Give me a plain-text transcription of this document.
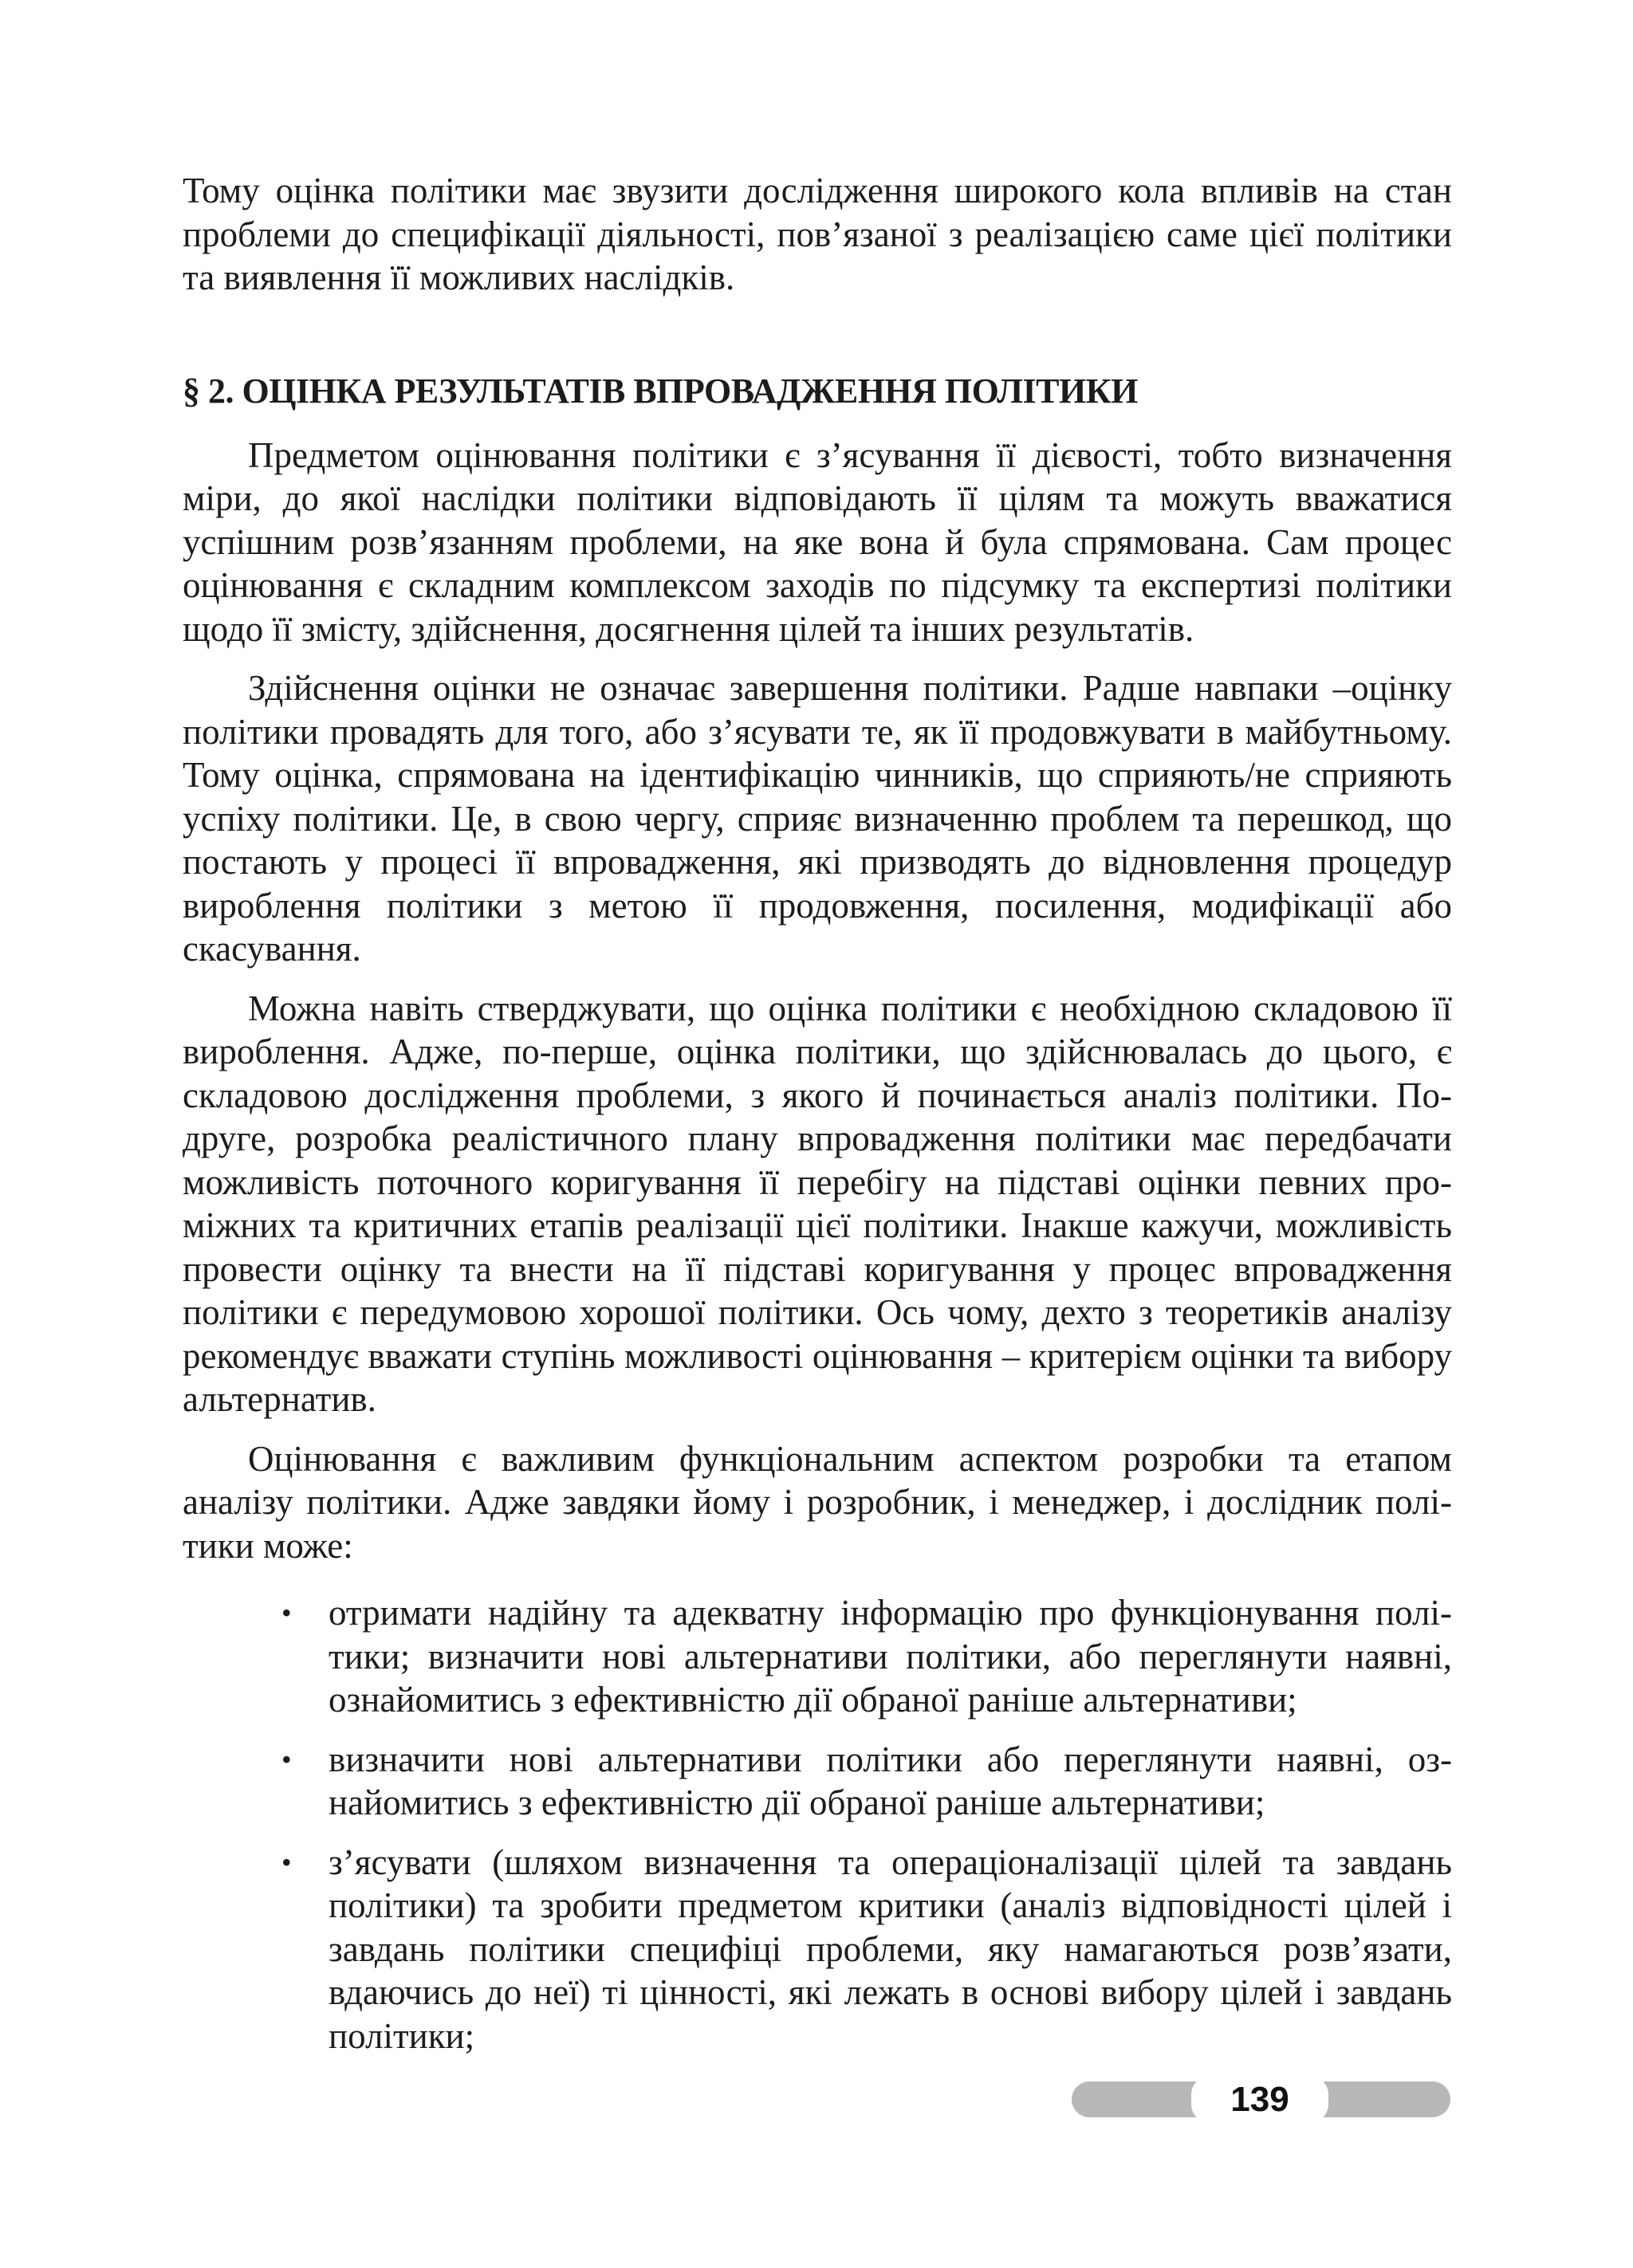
Тому оцінка політики має звузити дослідження широкого кола впливів на стан проблеми до специфікації діяльності, пов’язаної з реалізацією саме цієї політики та виявлення її можливих наслідків.

§ 2. ОЦІНКА РЕЗУЛЬТАТІВ ВПРОВАДЖЕННЯ ПОЛІТИКИ

Предметом оцінювання політики є з’ясування її дієвості, тобто визначення міри, до якої наслідки політики відповідають її цілям та можуть вважатися успішним розв’язанням проблеми, на яке вона й була спрямована. Сам процес оцінювання є складним комплексом заходів по підсумку та експертизі політики щодо її змісту, здійснення, досягнення цілей та інших результатів.

Здійснення оцінки не означає завершення політики. Радше навпаки –оцінку політики провадять для того, або з’ясувати те, як її продовжувати в майбутньому. Тому оцінка, спрямована на ідентифікацію чинників, що сприяють/не сприяють успіху політики. Це, в свою чергу, сприяє визначенню проблем та перешкод, що постають у процесі її впровадження, які призводять до відновлення процедур вироблення політики з метою її продовження, посилення, модифікації або скасування.

Можна навіть стверджувати, що оцінка політики є необхідною складовою її вироблення. Адже, по-перше, оцінка політики, що здійснювалась до цього, є складовою дослідження проблеми, з якого й починається аналіз політики. По-друге, розробка реалістичного плану впровадження політики має передбачати можливість поточного коригування її перебігу на підставі оцінки певних проміжних та критичних етапів реалізації цієї політики. Інакше кажучи, можливість провести оцінку та внести на її підставі коригування у процес впровадження політики є передумовою хорошої політики. Ось чому, дехто з теоретиків аналізу рекомендує вважати ступінь можливості оцінювання – критерієм оцінки та вибору альтернатив.

Оцінювання є важливим функціональним аспектом розробки та етапом аналізу політики. Адже завдяки йому і розробник, і менеджер, і дослідник політики може:

• отримати надійну та адекватну інформацію про функціонування політики; визначити нові альтернативи політики, або переглянути наявні, ознайомитись з ефективністю дії обраної раніше альтернативи;
• визначити нові альтернативи політики або переглянути наявні, ознайомитись з ефективністю дії обраної раніше альтернативи;
• з’ясувати (шляхом визначення та операціоналізації цілей та завдань політики) та зробити предметом критики (аналіз відповідності цілей і завдань політики специфіці проблеми, яку намагаються розв’язати, вдаючись до неї) ті цінності, які лежать в основі вибору цілей і завдань політики;
139
